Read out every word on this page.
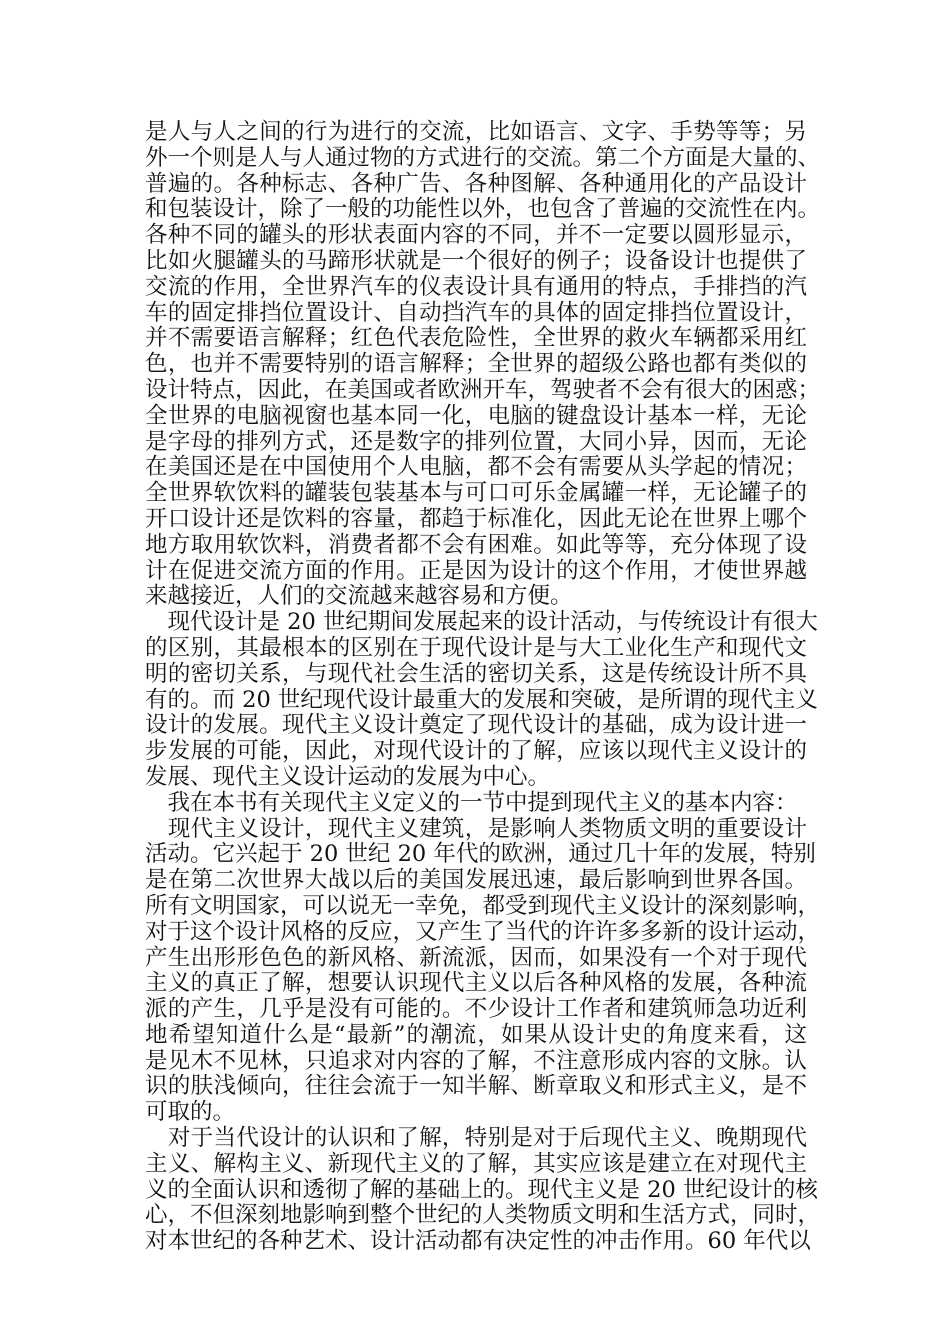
是人与人之间的行为进行的交流，比如语言、文字、手势等等；另
外一个则是人与人通过物的方式进行的交流。第二个方面是大量的、
普遍的。各种标志、各种广告、各种图解、各种通用化的产品设计
和包装设计，除了一般的功能性以外，也包含了普遍的交流性在内。
各种不同的罐头的形状表面内容的不同，并不一定要以圆形显示，
比如火腿罐头的马蹄形状就是一个很好的例子；设备设计也提供了
交流的作用，全世界汽车的仪表设计具有通用的特点，手排挡的汽
车的固定排挡位置设计、自动挡汽车的具体的固定排挡位置设计，
并不需要语言解释；红色代表危险性，全世界的救火车辆都采用红
色，也并不需要特别的语言解释；全世界的超级公路也都有类似的
设计特点，因此，在美国或者欧洲开车，驾驶者不会有很大的困惑；
全世界的电脑视窗也基本同一化，电脑的键盘设计基本一样，无论
是字母的排列方式，还是数字的排列位置，大同小异，因而，无论
在美国还是在中国使用个人电脑，都不会有需要从头学起的情况；
全世界软饮料的罐装包装基本与可口可乐金属罐一样，无论罐子的
开口设计还是饮料的容量，都趋于标准化，因此无论在世界上哪个
地方取用软饮料，消费者都不会有困难。如此等等，充分体现了设
计在促进交流方面的作用。正是因为设计的这个作用，才使世界越
来越接近，人们的交流越来越容易和方便。
　现代设计是 20 世纪期间发展起来的设计活动，与传统设计有很大
的区别，其最根本的区别在于现代设计是与大工业化生产和现代文
明的密切关系，与现代社会生活的密切关系，这是传统设计所不具
有的。而 20 世纪现代设计最重大的发展和突破，是所谓的现代主义
设计的发展。现代主义设计奠定了现代设计的基础，成为设计进一
步发展的可能，因此，对现代设计的了解，应该以现代主义设计的
发展、现代主义设计运动的发展为中心。
　我在本书有关现代主义定义的一节中提到现代主义的基本内容：
　现代主义设计，现代主义建筑，是影响人类物质文明的重要设计
活动。它兴起于 20 世纪 20 年代的欧洲，通过几十年的发展，特别
是在第二次世界大战以后的美国发展迅速，最后影响到世界各国。
所有文明国家，可以说无一幸免，都受到现代主义设计的深刻影响，
对于这个设计风格的反应，又产生了当代的许许多多新的设计运动，
产生出形形色色的新风格、新流派，因而，如果没有一个对于现代
主义的真正了解，想要认识现代主义以后各种风格的发展，各种流
派的产生，几乎是没有可能的。不少设计工作者和建筑师急功近利
地希望知道什么是“最新”的潮流，如果从设计史的角度来看，这
是见木不见林，只追求对内容的了解，不注意形成内容的文脉。认
识的肤浅倾向，往往会流于一知半解、断章取义和形式主义，是不
可取的。
　对于当代设计的认识和了解，特别是对于后现代主义、晚期现代
主义、解构主义、新现代主义的了解，其实应该是建立在对现代主
义的全面认识和透彻了解的基础上的。现代主义是 20 世纪设计的核
心，不但深刻地影响到整个世纪的人类物质文明和生活方式，同时，
对本世纪的各种艺术、设计活动都有决定性的冲击作用。60 年代以
